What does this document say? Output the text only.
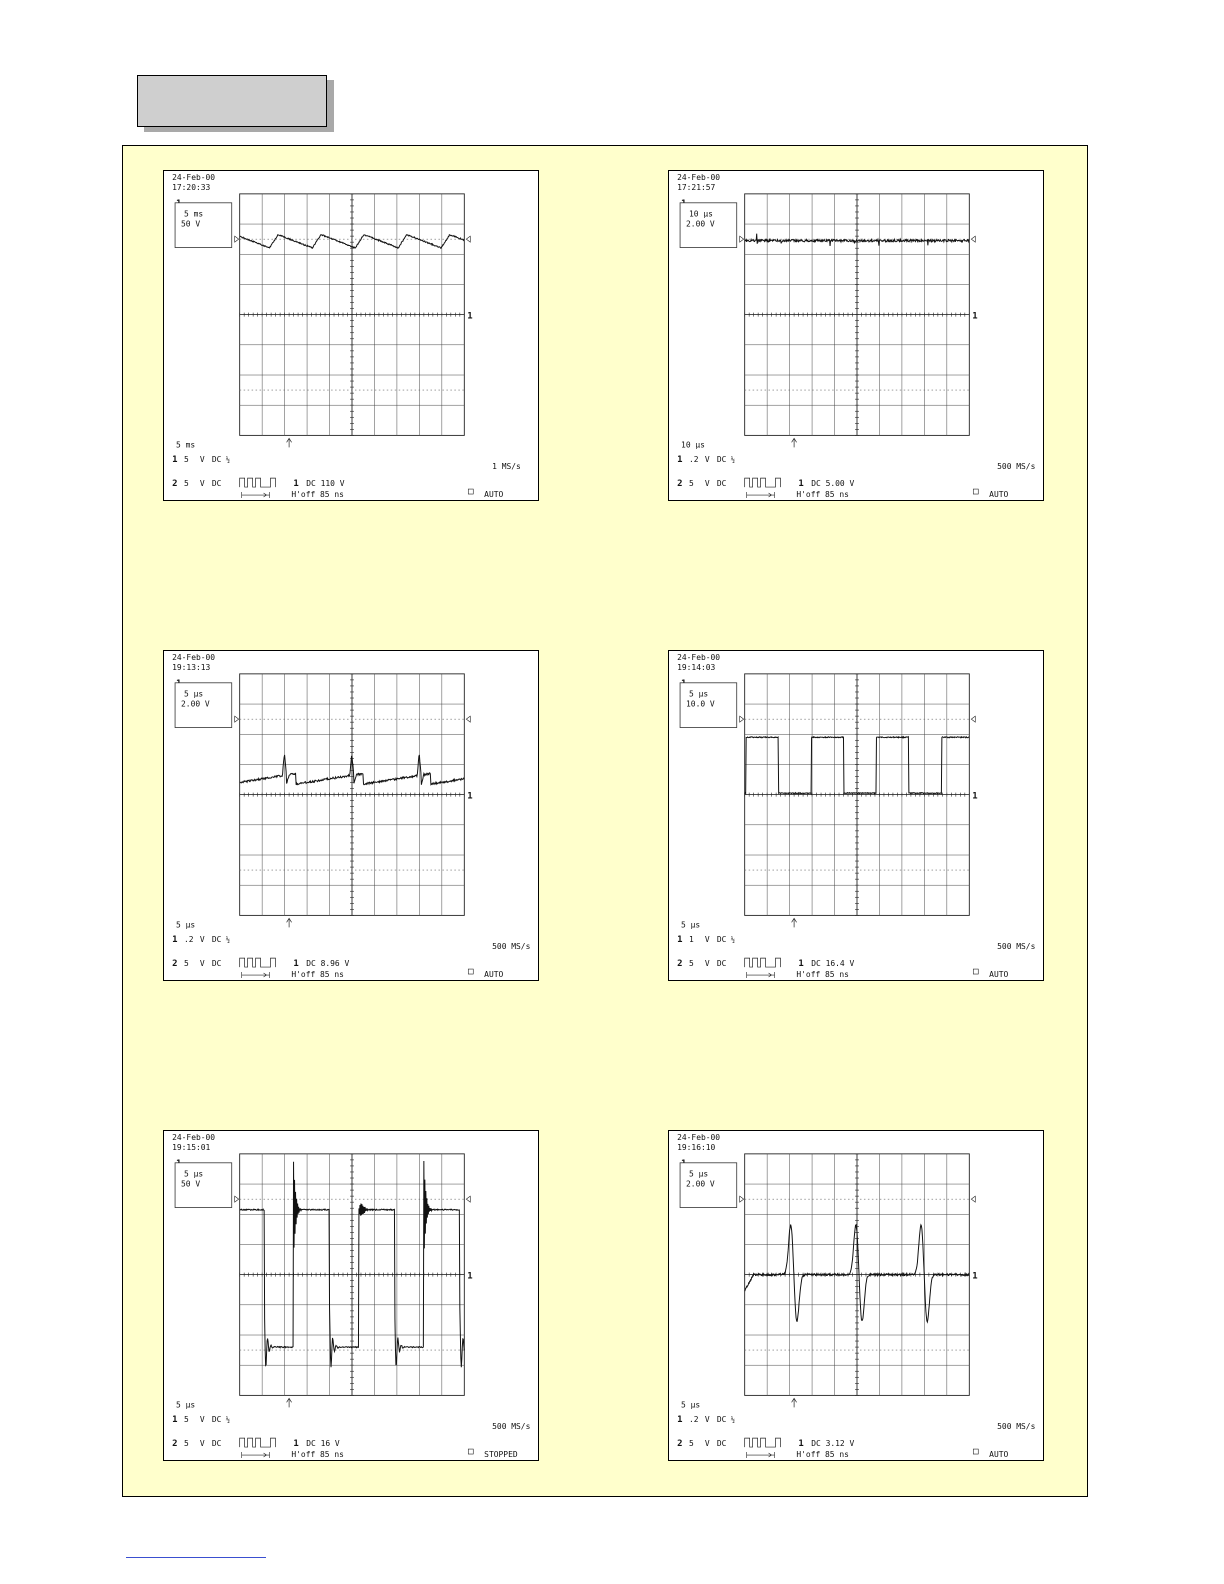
24-Feb-00
17:20:33
5 ms
50 V
1
5 ms
1 5 V DC ½
1 MS/s
2 5 V DC	1 DC 110 V
H'off 85 ns	AUTO
24-Feb-00
17:21:57
10 μs
2.00 V
1
10 μs
1 .2 V DC ½
500 MS/s
2 5 V DC	1 DC 5.00 V
H'off 85 ns	AUTO
24-Feb-00
19:13:13
5 μs
2.00 V
1
5 μs
1 .2 V DC ½
500 MS/s
2 5 V DC	1 DC 8.96 V
H'off 85 ns	AUTO
24-Feb-00
19:14:03
5 μs
10.0 V
1
5 μs
1 1 V DC ½
500 MS/s
2 5 V DC	1 DC 16.4 V
H'off 85 ns	AUTO
24-Feb-00
19:15:01
5 μs
50 V
1
5 μs
1 5 V DC ½
500 MS/s
2 5 V DC	1 DC 16 V
H'off 85 ns	STOPPED
24-Feb-00
19:16:10
5 μs
2.00 V
1
5 μs
1 .2 V DC ½
500 MS/s
2 5 V DC	1 DC 3.12 V
H'off 85 ns	AUTO
